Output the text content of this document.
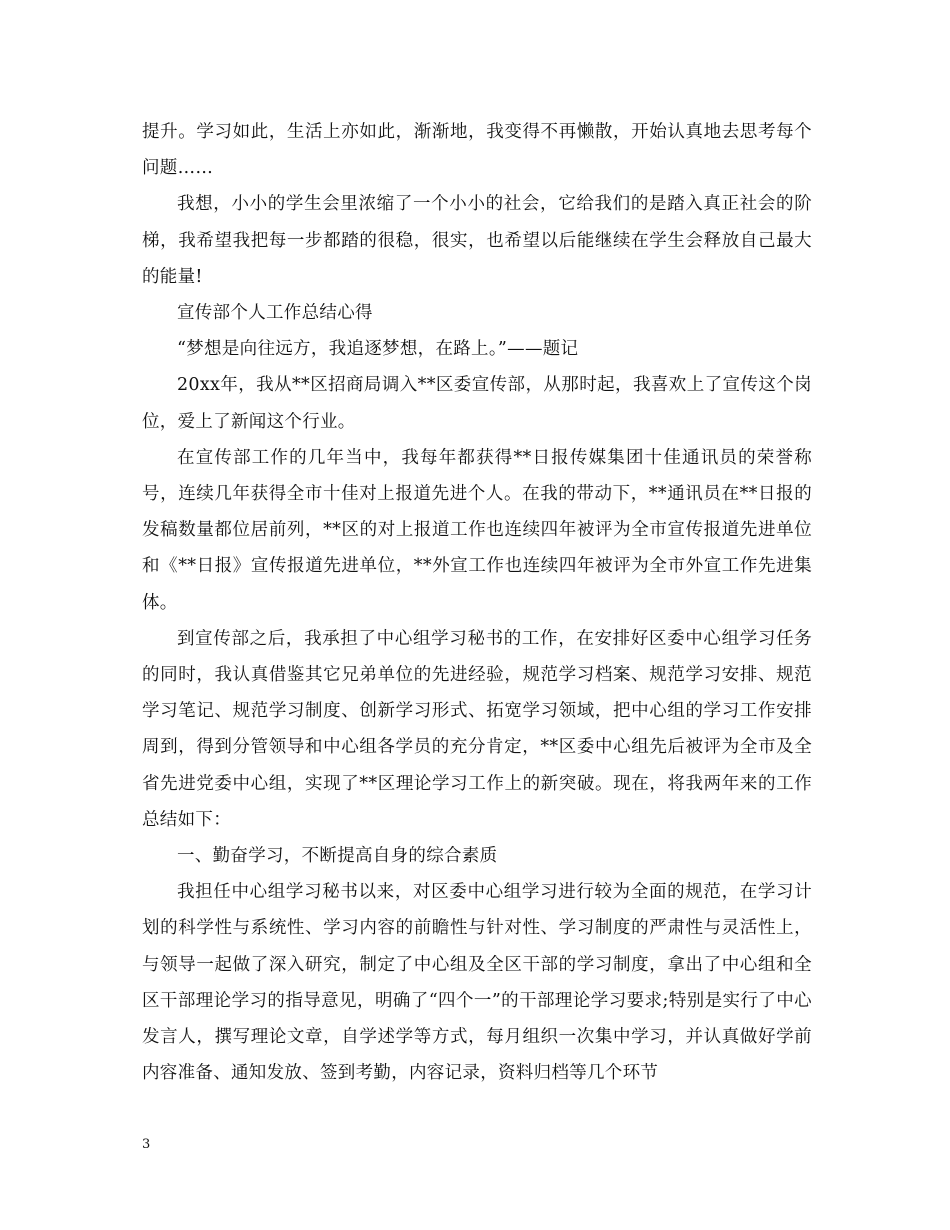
提升。学习如此，生活上亦如此，渐渐地，我变得不再懒散，开始认真地去思考每个问题……

我想，小小的学生会里浓缩了一个小小的社会，它给我们的是踏入真正社会的阶梯，我希望我把每一步都踏的很稳，很实，也希望以后能继续在学生会释放自己最大的能量!

宣传部个人工作总结心得

“梦想是向往远方，我追逐梦想，在路上。”——题记

20xx年，我从**区招商局调入**区委宣传部，从那时起，我喜欢上了宣传这个岗位，爱上了新闻这个行业。

在宣传部工作的几年当中，我每年都获得**日报传媒集团十佳通讯员的荣誉称号，连续几年获得全市十佳对上报道先进个人。在我的带动下，**通讯员在**日报的发稿数量都位居前列，**区的对上报道工作也连续四年被评为全市宣传报道先进单位和《**日报》宣传报道先进单位，**外宣工作也连续四年被评为全市外宣工作先进集体。

到宣传部之后，我承担了中心组学习秘书的工作，在安排好区委中心组学习任务的同时，我认真借鉴其它兄弟单位的先进经验，规范学习档案、规范学习安排、规范学习笔记、规范学习制度、创新学习形式、拓宽学习领域，把中心组的学习工作安排周到，得到分管领导和中心组各学员的充分肯定，**区委中心组先后被评为全市及全省先进党委中心组，实现了**区理论学习工作上的新突破。现在，将我两年来的工作总结如下：

一、勤奋学习，不断提高自身的综合素质

我担任中心组学习秘书以来，对区委中心组学习进行较为全面的规范，在学习计划的科学性与系统性、学习内容的前瞻性与针对性、学习制度的严肃性与灵活性上，与领导一起做了深入研究，制定了中心组及全区干部的学习制度，拿出了中心组和全区干部理论学习的指导意见，明确了“四个一”的干部理论学习要求;特别是实行了中心发言人，撰写理论文章，自学述学等方式，每月组织一次集中学习，并认真做好学前内容准备、通知发放、签到考勤，内容记录，资料归档等几个环节

3
